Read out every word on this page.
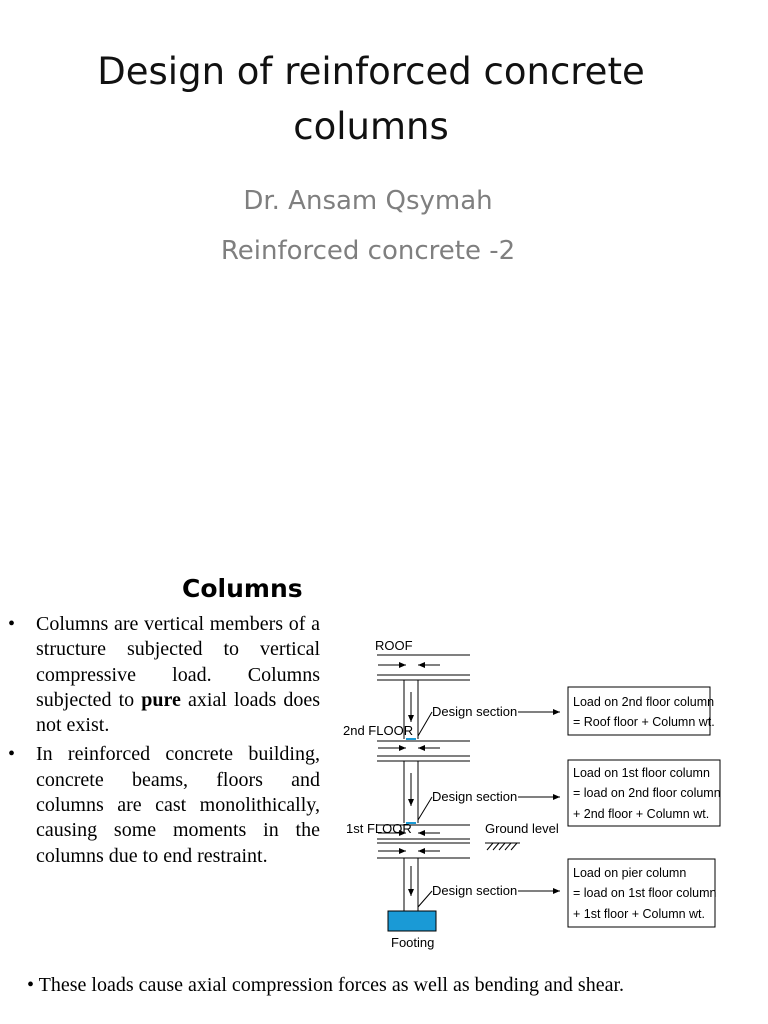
Design of reinforced concrete
columns
Dr. Ansam Qsymah
Reinforced concrete -2
Columns
• Columns are vertical members of a structure subjected to vertical compressive load. Columns subjected to pure axial loads does not exist.
• In reinforced concrete building, concrete beams, floors and columns are cast monolithically, causing some moments in the columns due to end restraint.
ROOF
Design section
Load on 2nd floor column
= Roof floor + Column wt.
2nd FLOOR
Design section
Load on 1st floor column
= load on 2nd floor column
+ 2nd floor + Column wt.
1st FLOOR	Ground level
Design section
Load on pier column
= load on 1st floor column
+ 1st floor + Column wt.
Footing
• These loads cause axial compression forces as well as bending and shear.
